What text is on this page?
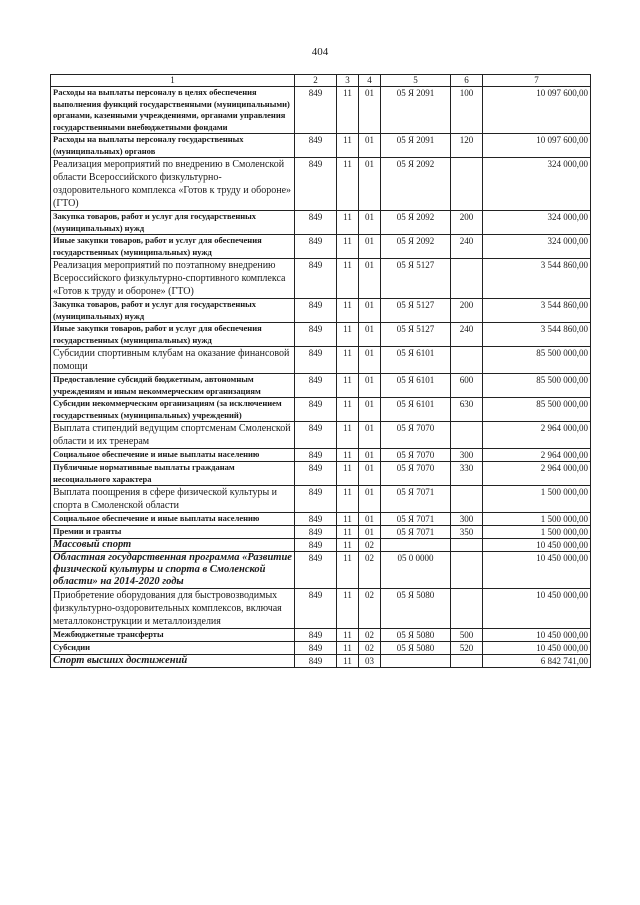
404
1	2	3	4	5	6	7
Расходы на выплаты персоналу в целях обеспечения выполнения функций государственными (муниципальными) органами, казенными учреждениями, органами управления государственными внебюджетными фондами	849	11	01	05 Я 2091	100	10 097 600,00
Расходы на выплаты персоналу государственных (муниципальных) органов	849	11	01	05 Я 2091	120	10 097 600,00
Реализация мероприятий по внедрению в Смоленской области Всероссийского физкультурно-оздоровительного комплекса «Готов к труду и обороне» (ГТО)	849	11	01	05 Я 2092		324 000,00
Закупка товаров, работ и услуг для государственных (муниципальных) нужд	849	11	01	05 Я 2092	200	324 000,00
Иные закупки товаров, работ и услуг для обеспечения государственных (муниципальных) нужд	849	11	01	05 Я 2092	240	324 000,00
Реализация мероприятий по поэтапному внедрению Всероссийского физкультурно-спортивного комплекса «Готов к труду и обороне» (ГТО)	849	11	01	05 Я 5127		3 544 860,00
Закупка товаров, работ и услуг для государственных (муниципальных) нужд	849	11	01	05 Я 5127	200	3 544 860,00
Иные закупки товаров, работ и услуг для обеспечения государственных (муниципальных) нужд	849	11	01	05 Я 5127	240	3 544 860,00
Субсидии спортивным клубам на оказание финансовой помощи	849	11	01	05 Я 6101		85 500 000,00
Предоставление субсидий бюджетным, автономным учреждениям и иным некоммерческим организациям	849	11	01	05 Я 6101	600	85 500 000,00
Субсидии некоммерческим организациям (за исключением государственных (муниципальных) учреждений)	849	11	01	05 Я 6101	630	85 500 000,00
Выплата стипендий ведущим спортсменам Смоленской области и их тренерам	849	11	01	05 Я 7070		2 964 000,00
Социальное обеспечение и иные выплаты населению	849	11	01	05 Я 7070	300	2 964 000,00
Публичные нормативные выплаты гражданам несоциального характера	849	11	01	05 Я 7070	330	2 964 000,00
Выплата поощрения в сфере физической культуры и спорта в Смоленской области	849	11	01	05 Я 7071		1 500 000,00
Социальное обеспечение и иные выплаты населению	849	11	01	05 Я 7071	300	1 500 000,00
Премии и гранты	849	11	01	05 Я 7071	350	1 500 000,00
Массовый спорт	849	11	02			10 450 000,00
Областная государственная программа «Развитие физической культуры и спорта в Смоленской области» на 2014-2020 годы	849	11	02	05 0 0000		10 450 000,00
Приобретение оборудования для быстровозводимых физкультурно-оздоровительных комплексов, включая металлоконструкции и металлоизделия	849	11	02	05 Я 5080		10 450 000,00
Межбюджетные трансферты	849	11	02	05 Я 5080	500	10 450 000,00
Субсидии	849	11	02	05 Я 5080	520	10 450 000,00
Спорт высших достижений	849	11	03			6 842 741,00
